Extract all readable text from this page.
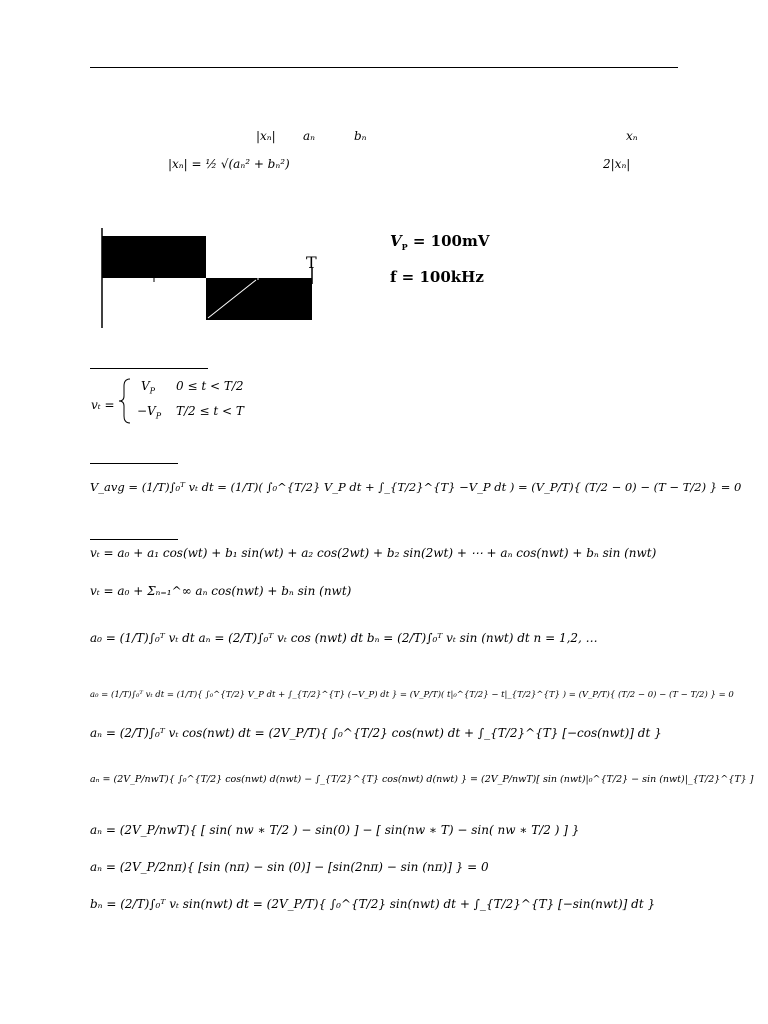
|xₙ| aₙ	bₙ	xₙ
|xₙ| = ½ √(aₙ² + bₙ²)	2|xₙ|
T
$V_P = 100mV$
f = 100kHz
vₜ =
$V_P$ 0 ≤ t < T/2
$-V_P$ T/2 ≤ t < T
V_avg = (1/T)∫₀ᵀ vₜ dt = (1/T)( ∫₀^{T/2} V_P dt + ∫_{T/2}^{T} −V_P dt ) = (V_P/T){ (T/2 − 0) − (T − T/2) } = 0
vₜ = a₀ + a₁ cos(wt) + b₁ sin(wt) + a₂ cos(2wt) + b₂ sin(2wt) + ⋯ + aₙ cos(nwt) + bₙ sin (nwt)
vₜ = a₀ + Σₙ₌₁^∞ aₙ cos(nwt) + bₙ sin (nwt)
a₀ = (1/T)∫₀ᵀ vₜ dt aₙ = (2/T)∫₀ᵀ vₜ cos (nwt) dt bₙ = (2/T)∫₀ᵀ vₜ sin (nwt) dt n = 1,2, …
a₀ = (1/T)∫₀ᵀ vₜ dt = (1/T){ ∫₀^{T/2} V_P dt + ∫_{T/2}^{T} (−V_P) dt } = (V_P/T)( t|₀^{T/2} − t|_{T/2}^{T} ) = (V_P/T){ (T/2 − 0) − (T − T/2) } = 0
aₙ = (2/T)∫₀ᵀ vₜ cos(nwt) dt = (2V_P/T){ ∫₀^{T/2} cos(nwt) dt + ∫_{T/2}^{T} [−cos(nwt)] dt }
aₙ = (2V_P/nwT){ ∫₀^{T/2} cos(nwt) d(nwt) − ∫_{T/2}^{T} cos(nwt) d(nwt) } = (2V_P/nwT)[ sin (nwt)|₀^{T/2} − sin (nwt)|_{T/2}^{T} ]
aₙ = (2V_P/nwT){ [ sin( nw ∗ T/2 ) − sin(0) ] − [ sin(nw ∗ T) − sin( nw ∗ T/2 ) ] }
aₙ = (2V_P/2nπ){ [sin (nπ) − sin (0)] − [sin(2nπ) − sin (nπ)] } = 0
bₙ = (2/T)∫₀ᵀ vₜ sin(nwt) dt = (2V_P/T){ ∫₀^{T/2} sin(nwt) dt + ∫_{T/2}^{T} [−sin(nwt)] dt }
